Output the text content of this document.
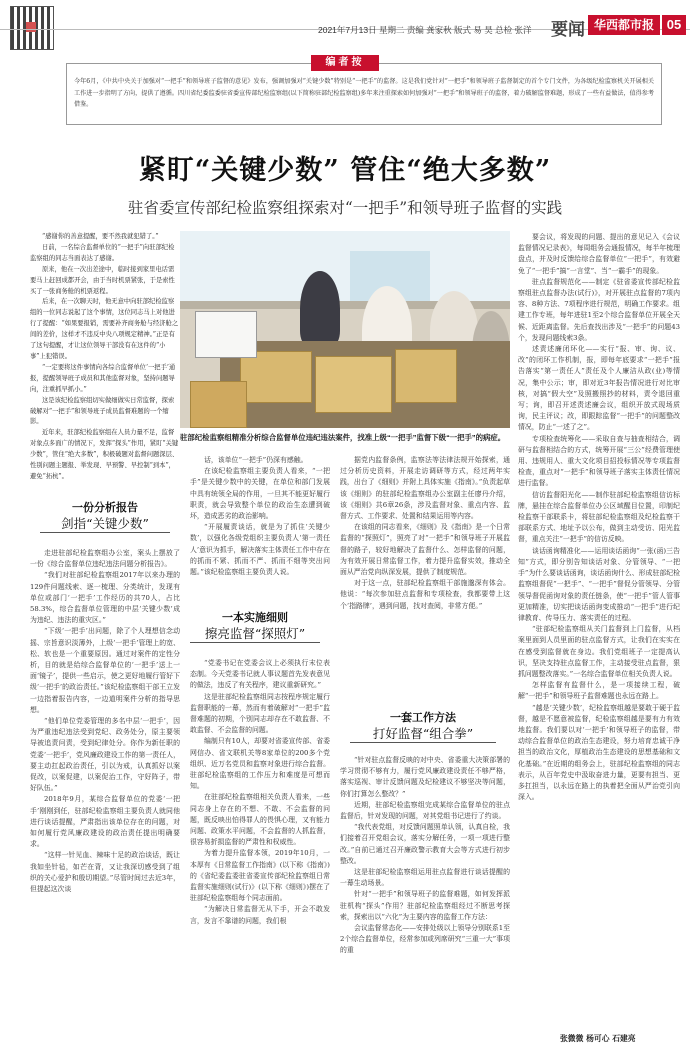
2021年7月13日 星期二 责编 龚家秋 版式 易 昊 总检 张洋 要闻 华西都市报 05
编者按
今年6月，《中共中央关于加强对“一把手”和领导班子监督的意见》发布，强调加强对“关键少数”特别是“一把手”的监督。这是我们党针对“一把手”和领导班子监督制定的首个专门文件，为各级纪检监察机关开展相关工作进一步指明了方向，提供了遵循。四川省纪委监委驻省委宣传部纪检监察组(以下简称驻部纪检监察组)多年来注重探索如何加强对“一把手”和领导班子的监督，着力破解监督难题，形成了一些有益做法，值得参考借鉴。
紧盯“关键少数” 管住“绝大多数”
驻省委宣传部纪检监察组探索对“一把手”和领导班子监督的实践

“感谢你的善意提醒，要不然我就犯错了。”

日前，一名综合监督单位的“一把手”向驻部纪检监察组的同志当面表达了感谢。

原来，他在一次出差途中，临时接到家里电话需要马上赶回成都开会，由于当时机票紧张，于是索性买了一张商务舱的机票返程。

后来，在一次聊天时，他无意中向驻部纪检监察组的一位同志说起了这个事情，这位同志马上对他进行了提醒：“如果要报销，需要补齐商务舱与经济舱之间的差价，这样才不违反中央八项规定精神。”正是有了这句提醒，才让这位领导干部没有在这件的“小事”上犯错误。

“一定要将这件事情向各综合监督单位‘一把手’通报，提醒领导班子成员和其他监督对象，坚持问题导向，注重抓早抓小。”

这是该纪检监察组切实做细做实日常监督，探索破解对“一把手”和领导班子成员监督难题的一个缩影。

近年来，驻部纪检监察组在人员力量不足，监督对象点多面广的情况下，发挥“探头”作用，紧盯“关键少数”，管住“绝大多数”，积极破题对监督问题深层、性别问题主题报、举发现、早预警、早控制“到本”，避免“拓杭”。

驻部纪检监察组精准分析综合监督单位违纪违法案件，找准上级“一把手”监督下级“一把手”的病症。
一份分析报告
剑指“关键少数”
一本实施细则
擦亮监督“探照灯”
一套工作方法
打好监督“组合拳”

走进驻部纪检监察组办公室，案头上摆放了一份《综合监督单位违纪违法问题分析报告》。

“我们对驻部纪检监察组2017年以来办理的129件问题线索、逐一梳理、分类统计，发现有单位或部门‘一把手’工作经历的共70人，占比58.3%，综合监督单位管理的中层‘关键少数’成为违纪、违法的重灾区。”

“下级‘一把手’出问题，除了个人理想信念动摇、宗旨意识淡薄外，上级‘一把手’管理上的宽、松、软也是一个重要原因。通过对案件的定性分析，目的就是给综合监督单位的‘一把手’送上一面‘镜子’，提供一些启示，使之更好地履行管好下级‘一把手’的政治责任。”该纪检监察组干部王立发一边指着报告内容，一边道明案件分析的指导思想。

“他们单位党委管理的多名中层‘一把手’，因为严重违纪违法受到党纪、政务处分，原主要领导被追责问责，受到纪律处分。你作为新任职的党委‘一把手’，党风廉政建设工作的第一责任人，要主动扛起政治责任，引以为戒，认真抓好以案促改，以案促建，以案促治工作，守好阵子，带好队伍。”

2018年9月，某综合监督单位的党委‘一把手’刚刚到任，驻部纪检监察组主要负责人就同他进行谈话提醒，严肃指出该单位存在的问题，对如何履行党风廉政建设的政治责任提出明确要求。

“这样一针见血、辣味十足的政治谈话，既让我如坐针毡，如芒在背，又让我深切感受到了组织的关心爱护和殷切期望。”尽管时间过去近3年，但提起这次谈

话，该单位“一把手”仍深有感触。

在该纪检监察组主要负责人看来，“一把手”是关键少数中的关键，在单位和部门发展中具有统领全局的作用，一旦其不能更好履行职责，就会导致整个单位的政治生态遭到破坏，造成恶劣的政治影响。

“开展履责谈话，就是为了抓住‘关键少数’，以强化各级党组织主要负责人‘第一责任人’意识为抓手，解决落实主体责任工作中存在的抓而不紧、抓而不严、抓而不细等突出问题。”该纪检监察组主要负责人说。

“党委书记在党委会议上必须执行末位表态制。今天党委书记就人事议题首先发表意见的做法，违反了有关程序，建议重新研究。”

这是驻部纪检监察组同志按程序规定履行监督职能的一幕，然而有着破解对“一把手”监督难题的初期，个别同志却存在不敢监督、不敢监督、不会监督的问题。

编制只有10人，却要对省委宣传部、省委网信办、省文联机关等8家单位的200多个党组织、近万名党员和监察对象进行综合监督。驻部纪检监察组的工作压力和难度是可想而知。

在驻部纪检监察组相关负责人看来，一些同志身上存在的不想、不敢、不会监督的问题，既反映出怕得罪人的畏惧心理，又有能力问题、政策水平问题，不会监督的人抓监督，很容易折损监督的严肃性和权威性。

为着力提升监督本领，2019年10月，一本厚有《日常监督工作指南》(以下称《指南》)的《省纪委监委驻省委宣传部纪检监察组日常监督实施细则(试行)》(以下称《细则》)摆在了驻部纪检监察组每个同志面前。

“为解决日常监督无从下手，开会不敢发言，发言不靠谱的问题，我们根

据党内监督条例，监察法等法律法规开始探索，通过分析历史资料，开展走访调研等方式，经过两年实践，出台了《细则》并附上具体实施《指南》。”负责起草该《细则》的驻部纪检监察组办公室副主任廖丹介绍，该《细则》共6章26条，涉及监督对象、重点内容、监督方式、工作要求、处置和结果运用等内容。

在该组的同志看来，《细则》及《指南》是一个日常监督的“探照灯”，照亮了对“一把手”和领导班子开展监督的路子，较好地解决了监督什么、怎样监督的问题，为有效开展日常监督工作，着力提升监督实效，推动全面从严治党向纵深发展，提供了制度规范。

对于这一点，驻部纪检监察组干部施邈深有体会。他说：“每次参加驻点监督和专项检查，我都要带上这个‘指路牌’，遇到问题，找对查阅，非常方便。”

“针对驻点监督反映的对中央、省委重大决策部署的学习贯彻不够有力，履行党风廉政建设责任不够严格，落实巡视、审计反馈问题及纪检建议不够坚决等问题，你们打算怎么整改？”

近期，驻部纪检监察组完成某综合监督单位的驻点监督后，针对发现的问题，对其党组书记进行了约谈。

“我代表党组，对反馈问题照单认领，认真自检，我们接着召开党组会议，落实分解任务，一项一项进行整改。”自前已通过召开廉政警示教育大会等方式进行初步整改。

这是驻部纪检监察组运用驻点监督进行谈话提醒的一幕生动场景。

针对“一把手”和领导班子的监督难题，如何发挥派驻机构“探头”作用？驻部纪检监察组经过不断思考探索，探索出以“六化”为主要内容的监督工作方法：

会议监督常态化——安排处级以上领导分别联系1至2个综合监督单位，经常参加或列席研究“三重一大”事项的重

要会议，将发现的问题、提出的意见记入《会议监督情况记录表》，每周组务会通报情况，每半年梳理盘点，并及时反馈给综合监督单位“一把手”，有效避免了“一把手”搞“一言堂”、当“一霸手”的现象。

驻点监督规范化——制定《驻省委宣传部纪检监察组驻点监督办法(试行)》，对开展驻点监督的7项内容、8种方法、7项程序进行规范，明确工作要求。组建工作专班，每年进驻1至2个综合监督单位开展全天候、近距离监督。先后查找出涉及“一把手”的问题43个，发现问题线索3条。

述责述廉闭环化——实行“报、审、询、议、改”的闭环工作机制，报，即每年底要求“一把手”报告落实“第一责任人”责任及个人廉洁从政(业)等情况，集中公示；审，即对近3年报告情况进行对比审核，对搞“假大空”及照搬照抄的材料，责令退回重写；询，即召开述责述廉会议，组织开放式现场质询，民主评议；改，即跟踪监督“一把手”的问题整改情况，防止“一述了之”。

专项检查统筹化——采取自查与抽查相结合，调研与监督相结合的方式，统筹开展“三公”经费管理使用、违规用人、重大文化项目招投标情况等专项监督检查，重点对“一把手”和领导班子落实主体责任情况进行监督。

信访监督阳光化——制作驻部纪检监察组信访标牌，悬挂在综合监督单位办公区域醒目位置，印制纪检监察干部联系卡，将驻部纪检监察组及纪检监察干部联系方式、地址予以公布，做到主动受访、阳光监督，重点关注“一把手”的信访反映。

谈话函询精准化——运用谈话函询“一张(函)三告知”方式，即分别告知谈话对象、分管领导、“一把手”为什么要谈话函询，谈话函询什么、形成驻部纪检监察组督促“一把手”、“一把手”督促分管领导、分管领导督促函询对象的责任链条，使“一把手”管人管事更加精准，切实把谈话函询变成推动“一把手”进行纪律教育、传导压力、落实责任的过程。

“驻部纪检监察组从关门监督到上门监督，从档案里面到人员里面的驻点监督方式，让我们在实实在在感受到监督就在身边。我们党组班子一定提高认识，坚决支持驻点监督工作，主动接受驻点监督，狠抓问题整改落实。”一名综合监督单位相关负责人说。

怎样监督有监督什么，是一项接续工程，破解“一把手”和领导班子监督难题也永远在路上。

“越是‘关键少数’，纪检监察组越是要敢于硬于监督，越是不愿意被监督，纪检监察组越是要有力有效地监督。我们要以对‘一把手’和领导班子的监督，带动综合监督单位的政治生态建设，努力培育忠诚干净担当的政治文化，厚植政治生态建设的思想基础和文化基础。”在近期的组务会上，驻部纪检监察组的同志表示，从百年党史中汲取奋进力量，更要有担当、更多扛担当，以永远在路上的执着把全面从严治党引向深入。

张微微 杨可心 石建亮
